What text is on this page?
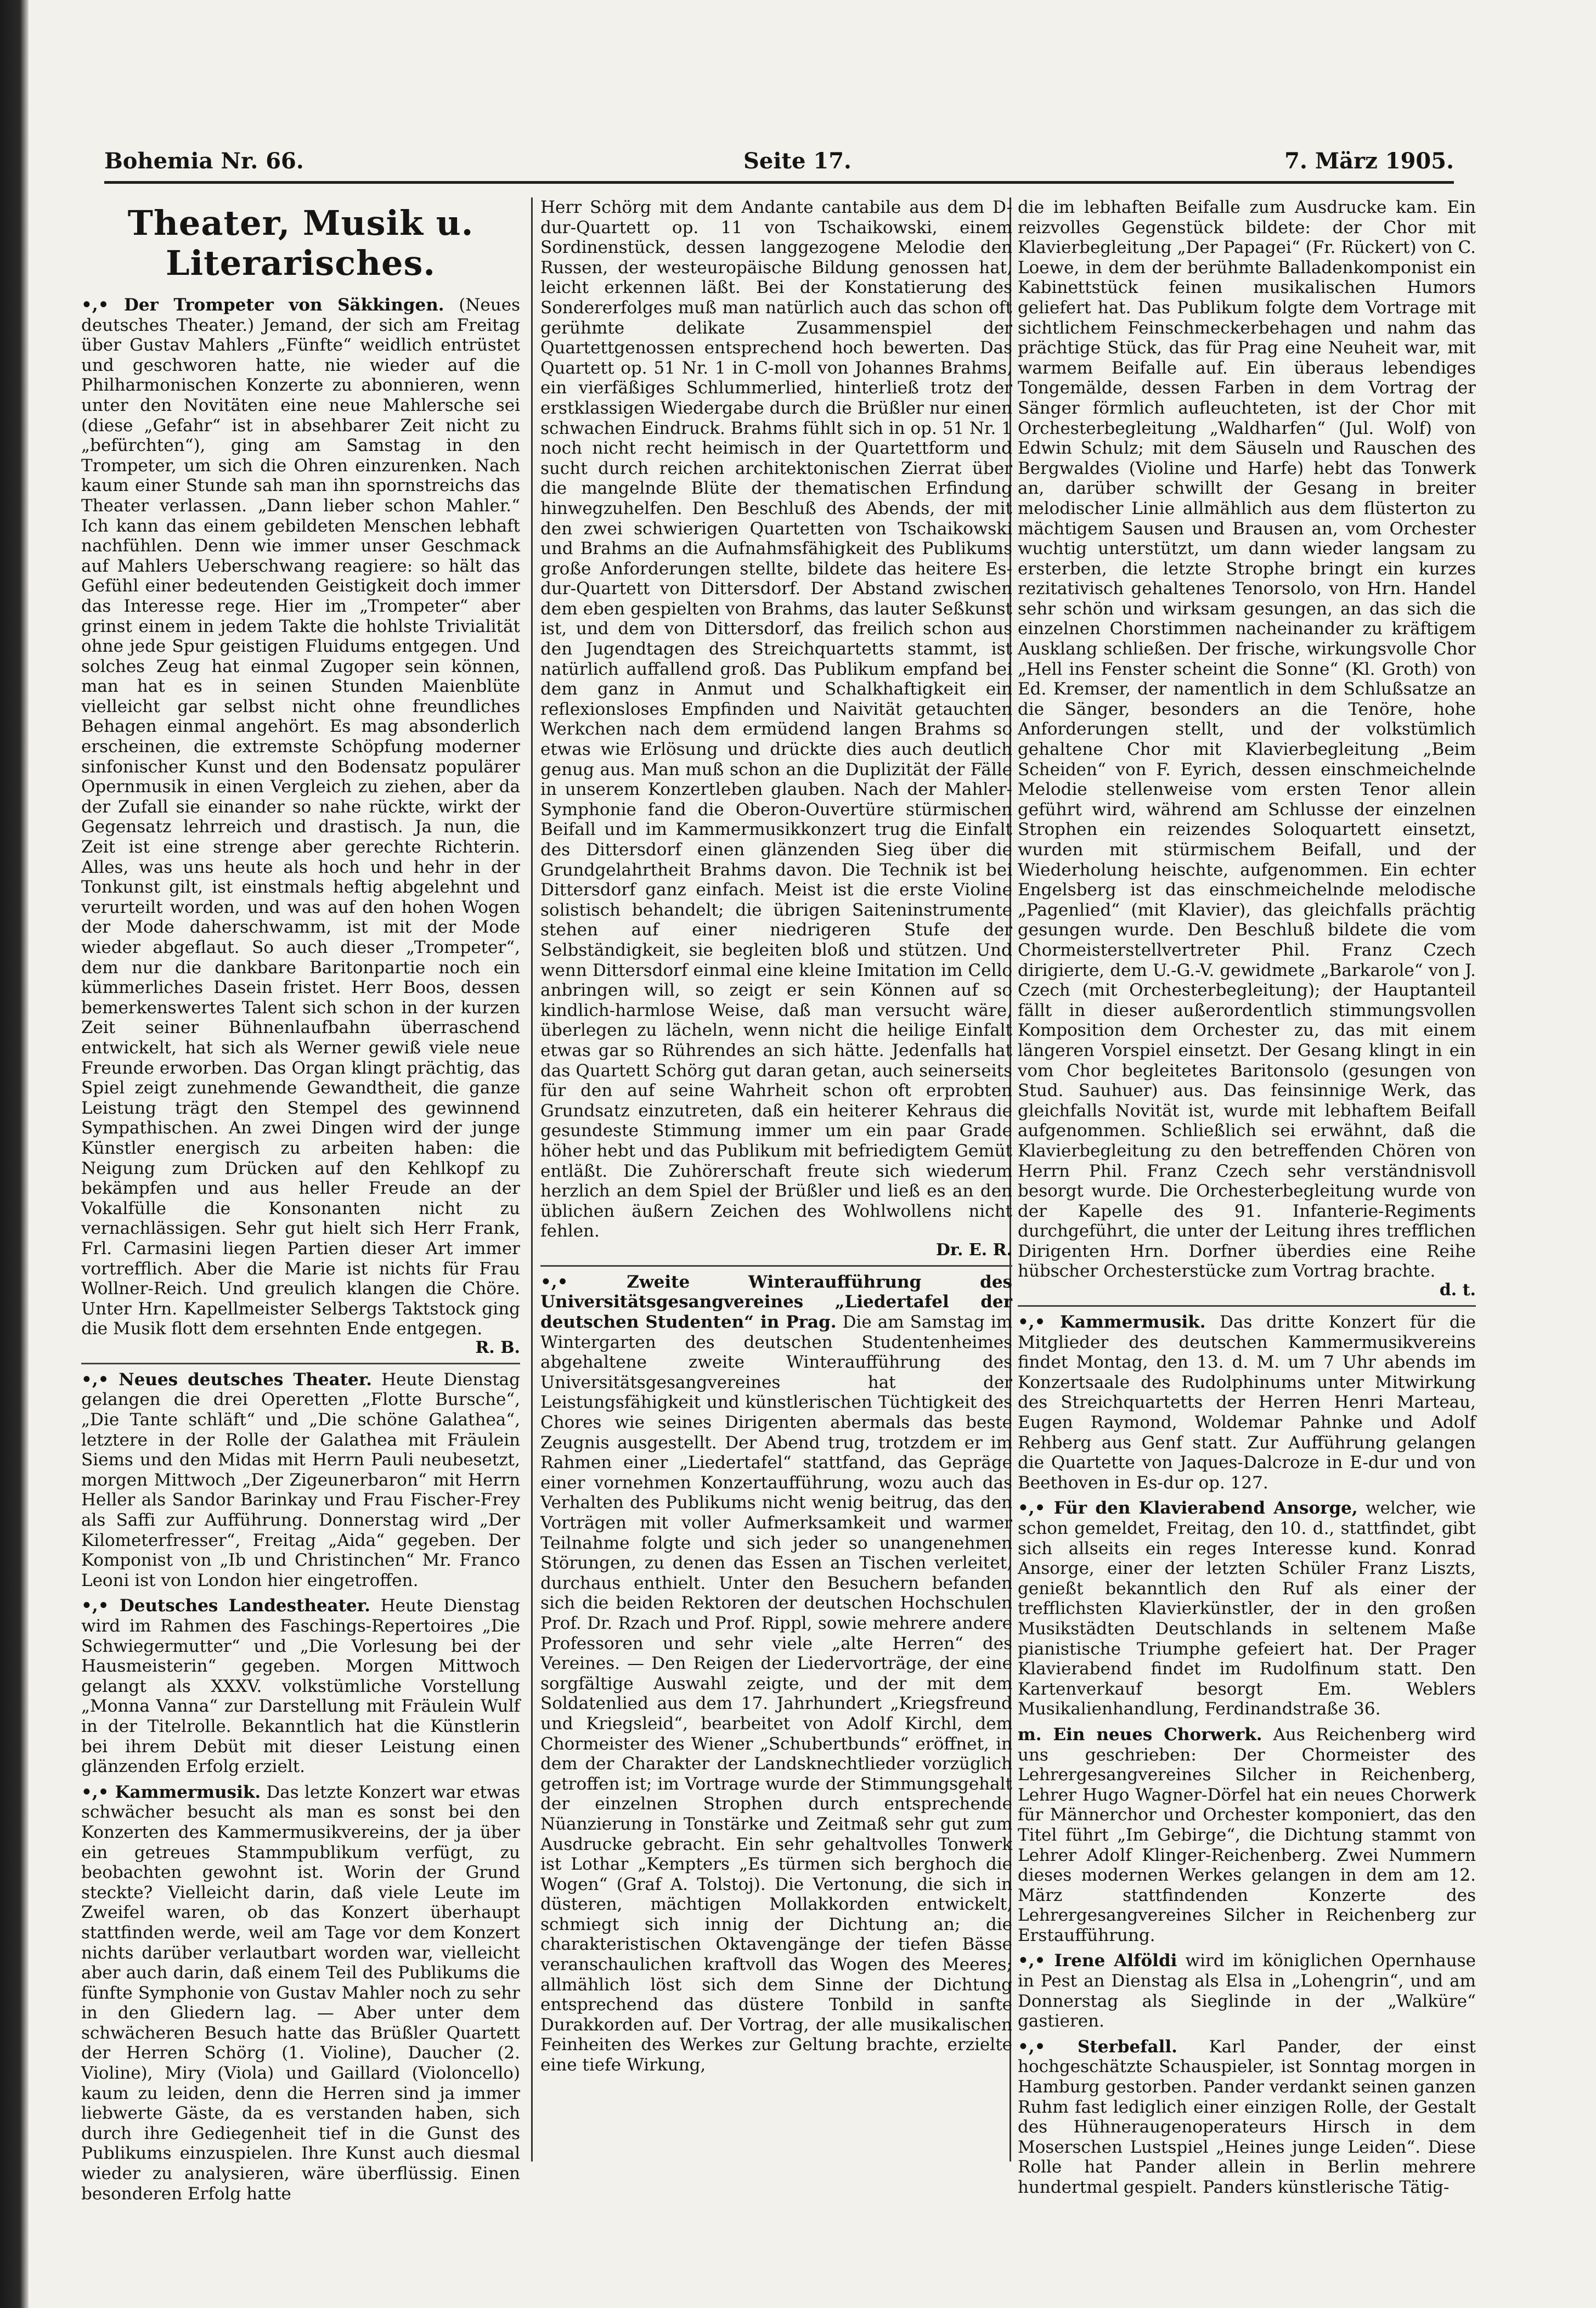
Bohemia Nr. 66.	Seite 17.	7. März 1905.
Theater, Musik u. Literarisches.
•,• Der Trompeter von Säkkingen. (Neues deutsches Theater.) Jemand, der sich am Freitag über Gustav Mahlers „Fünfte“ weidlich entrüstet und geschworen hatte, nie wieder auf die Philharmonischen Konzerte zu abonnieren, wenn unter den Novitäten eine neue Mahlersche sei (diese „Gefahr“ ist in absehbarer Zeit nicht zu „befürchten“), ging am Samstag in den Trompeter, um sich die Ohren einzurenken. Nach kaum einer Stunde sah man ihn spornstreichs das Theater verlassen. „Dann lieber schon Mahler.“ Ich kann das einem gebildeten Menschen lebhaft nachfühlen. Denn wie immer unser Geschmack auf Mahlers Ueberschwang reagiere: so hält das Gefühl einer bedeutenden Geistigkeit doch immer das Interesse rege. Hier im „Trompeter“ aber grinst einem in jedem Takte die hohlste Trivialität ohne jede Spur geistigen Fluidums entgegen. Und solches Zeug hat einmal Zugoper sein können, man hat es in seinen Stunden Maienblüte vielleicht gar selbst nicht ohne freundliches Behagen einmal angehört. Es mag absonderlich erscheinen, die extremste Schöpfung moderner sinfonischer Kunst und den Bodensatz populärer Opernmusik in einen Vergleich zu ziehen, aber da der Zufall sie einander so nahe rückte, wirkt der Gegensatz lehrreich und drastisch. Ja nun, die Zeit ist eine strenge aber gerechte Richterin. Alles, was uns heute als hoch und hehr in der Tonkunst gilt, ist einstmals heftig abgelehnt und verurteilt worden, und was auf den hohen Wogen der Mode daherschwamm, ist mit der Mode wieder abgeflaut. So auch dieser „Trompeter“, dem nur die dankbare Baritonpartie noch ein kümmerliches Dasein fristet. Herr Boos, dessen bemerkenswertes Talent sich schon in der kurzen Zeit seiner Bühnenlaufbahn überraschend entwickelt, hat sich als Werner gewiß viele neue Freunde erworben. Das Organ klingt prächtig, das Spiel zeigt zunehmende Gewandtheit, die ganze Leistung trägt den Stempel des gewinnend Sympathischen. An zwei Dingen wird der junge Künstler energisch zu arbeiten haben: die Neigung zum Drücken auf den Kehlkopf zu bekämpfen und aus heller Freude an der Vokalfülle die Konsonanten nicht zu vernachlässigen. Sehr gut hielt sich Herr Frank, Frl. Carmasini liegen Partien dieser Art immer vortrefflich. Aber die Marie ist nichts für Frau Wollner-Reich. Und greulich klangen die Chöre. Unter Hrn. Kapellmeister Selbergs Taktstock ging die Musik flott dem ersehnten Ende entgegen.
R. B.
•,• Neues deutsches Theater. Heute Dienstag gelangen die drei Operetten „Flotte Bursche“, „Die Tante schläft“ und „Die schöne Galathea“, letztere in der Rolle der Galathea mit Fräulein Siems und den Midas mit Herrn Pauli neubesetzt, morgen Mittwoch „Der Zigeunerbaron“ mit Herrn Heller als Sandor Barinkay und Frau Fischer-Frey als Saffi zur Aufführung. Donnerstag wird „Der Kilometerfresser“, Freitag „Aida“ gegeben. Der Komponist von „Ib und Christinchen“ Mr. Franco Leoni ist von London hier eingetroffen.
•,• Deutsches Landestheater. Heute Dienstag wird im Rahmen des Faschings-Repertoires „Die Schwiegermutter“ und „Die Vorlesung bei der Hausmeisterin“ gegeben. Morgen Mittwoch gelangt als XXXV. volkstümliche Vorstellung „Monna Vanna“ zur Darstellung mit Fräulein Wulf in der Titelrolle. Bekanntlich hat die Künstlerin bei ihrem Debüt mit dieser Leistung einen glänzenden Erfolg erzielt.
•,• Kammermusik. Das letzte Konzert war etwas schwächer besucht als man es sonst bei den Konzerten des Kammermusikvereins, der ja über ein getreues Stammpublikum verfügt, zu beobachten gewohnt ist. Worin der Grund steckte? Vielleicht darin, daß viele Leute im Zweifel waren, ob das Konzert überhaupt stattfinden werde, weil am Tage vor dem Konzert nichts darüber verlautbart worden war, vielleicht aber auch darin, daß einem Teil des Publikums die fünfte Symphonie von Gustav Mahler noch zu sehr in den Gliedern lag. — Aber unter dem schwächeren Besuch hatte das Brüßler Quartett der Herren Schörg (1. Violine), Daucher (2. Violine), Miry (Viola) und Gaillard (Violoncello) kaum zu leiden, denn die Herren sind ja immer liebwerte Gäste, da es verstanden haben, sich durch ihre Gediegenheit tief in die Gunst des Publikums einzuspielen. Ihre Kunst auch diesmal wieder zu analysieren, wäre überflüssig. Einen besonderen Erfolg hatte
Herr Schörg mit dem Andante cantabile aus dem D-dur-Quartett op. 11 von Tschaikowski, einem Sordinenstück, dessen langgezogene Melodie den Russen, der westeuropäische Bildung genossen hat, leicht erkennen läßt. Bei der Konstatierung des Sondererfolges muß man natürlich auch das schon oft gerühmte delikate Zusammenspiel der Quartettgenossen entsprechend hoch bewerten. Das Quartett op. 51 Nr. 1 in C-moll von Johannes Brahms, ein vierfäßiges Schlummerlied, hinterließ trotz der erstklassigen Wiedergabe durch die Brüßler nur einen schwachen Eindruck. Brahms fühlt sich in op. 51 Nr. 1 noch nicht recht heimisch in der Quartettform und sucht durch reichen architektonischen Zierrat über die mangelnde Blüte der thematischen Erfindung hinwegzuhelfen. Den Beschluß des Abends, der mit den zwei schwierigen Quartetten von Tschaikowski und Brahms an die Aufnahmsfähigkeit des Publikums große Anforderungen stellte, bildete das heitere Es-dur-Quartett von Dittersdorf. Der Abstand zwischen dem eben gespielten von Brahms, das lauter Seßkunst ist, und dem von Dittersdorf, das freilich schon aus den Jugendtagen des Streichquartetts stammt, ist natürlich auffallend groß. Das Publikum empfand bei dem ganz in Anmut und Schalkhaftigkeit ein reflexionsloses Empfinden und Naivität getauchten Werkchen nach dem ermüdend langen Brahms so etwas wie Erlösung und drückte dies auch deutlich genug aus. Man muß schon an die Duplizität der Fälle in unserem Konzertleben glauben. Nach der Mahler-Symphonie fand die Oberon-Ouvertüre stürmischen Beifall und im Kammermusikkonzert trug die Einfalt des Dittersdorf einen glänzenden Sieg über die Grundgelahrtheit Brahms davon. Die Technik ist bei Dittersdorf ganz einfach. Meist ist die erste Violine solistisch behandelt; die übrigen Saiteninstrumente stehen auf einer niedrigeren Stufe der Selbständigkeit, sie begleiten bloß und stützen. Und wenn Dittersdorf einmal eine kleine Imitation im Cello anbringen will, so zeigt er sein Können auf so kindlich-harmlose Weise, daß man versucht wäre, überlegen zu lächeln, wenn nicht die heilige Einfalt etwas gar so Rührendes an sich hätte. Jedenfalls hat das Quartett Schörg gut daran getan, auch seinerseits für den auf seine Wahrheit schon oft erprobten Grundsatz einzutreten, daß ein heiterer Kehraus die gesundeste Stimmung immer um ein paar Grade höher hebt und das Publikum mit befriedigtem Gemüt entläßt. Die Zuhörerschaft freute sich wiederum herzlich an dem Spiel der Brüßler und ließ es an den üblichen äußern Zeichen des Wohlwollens nicht fehlen.
Dr. E. R.
•,• Zweite Winteraufführung des Universitätsgesangvereines „Liedertafel der deutschen Studenten“ in Prag. Die am Samstag im Wintergarten des deutschen Studentenheimes abgehaltene zweite Winteraufführung des Universitätsgesangvereines hat der Leistungsfähigkeit und künstlerischen Tüchtigkeit des Chores wie seines Dirigenten abermals das beste Zeugnis ausgestellt. Der Abend trug, trotzdem er im Rahmen einer „Liedertafel“ stattfand, das Gepräge einer vornehmen Konzertaufführung, wozu auch das Verhalten des Publikums nicht wenig beitrug, das den Vorträgen mit voller Aufmerksamkeit und warmer Teilnahme folgte und sich jeder so unangenehmen Störungen, zu denen das Essen an Tischen verleitet, durchaus enthielt. Unter den Besuchern befanden sich die beiden Rektoren der deutschen Hochschulen Prof. Dr. Rzach und Prof. Rippl, sowie mehrere andere Professoren und sehr viele „alte Herren“ des Vereines. — Den Reigen der Liedervorträge, der eine sorgfältige Auswahl zeigte, und der mit dem Soldatenlied aus dem 17. Jahrhundert „Kriegsfreund und Kriegsleid“, bearbeitet von Adolf Kirchl, dem Chormeister des Wiener „Schubertbunds“ eröffnet, in dem der Charakter der Landsknechtlieder vorzüglich getroffen ist; im Vortrage wurde der Stimmungsgehalt der einzelnen Strophen durch entsprechende Nüanzierung in Tonstärke und Zeitmaß sehr gut zum Ausdrucke gebracht. Ein sehr gehaltvolles Tonwerk ist Lothar „Kempters „Es türmen sich berghoch die Wogen“ (Graf A. Tolstoj). Die Vertonung, die sich in düsteren, mächtigen Mollakkorden entwickelt, schmiegt sich innig der Dichtung an; die charakteristischen Oktavengänge der tiefen Bässe veranschaulichen kraftvoll das Wogen des Meeres; allmählich löst sich dem Sinne der Dichtung entsprechend das düstere Tonbild in sanfte Durakkorden auf. Der Vortrag, der alle musikalischen Feinheiten des Werkes zur Geltung brachte, erzielte eine tiefe Wirkung,
die im lebhaften Beifalle zum Ausdrucke kam. Ein reizvolles Gegenstück bildete: der Chor mit Klavierbegleitung „Der Papagei“ (Fr. Rückert) von C. Loewe, in dem der berühmte Balladenkomponist ein Kabinettstück feinen musikalischen Humors geliefert hat. Das Publikum folgte dem Vortrage mit sichtlichem Feinschmeckerbehagen und nahm das prächtige Stück, das für Prag eine Neuheit war, mit warmem Beifalle auf. Ein überaus lebendiges Tongemälde, dessen Farben in dem Vortrag der Sänger förmlich aufleuchteten, ist der Chor mit Orchesterbegleitung „Waldharfen“ (Jul. Wolf) von Edwin Schulz; mit dem Säuseln und Rauschen des Bergwaldes (Violine und Harfe) hebt das Tonwerk an, darüber schwillt der Gesang in breiter melodischer Linie allmählich aus dem flüsterton zu mächtigem Sausen und Brausen an, vom Orchester wuchtig unterstützt, um dann wieder langsam zu ersterben, die letzte Strophe bringt ein kurzes rezitativisch gehaltenes Tenorsolo, von Hrn. Handel sehr schön und wirksam gesungen, an das sich die einzelnen Chorstimmen nacheinander zu kräftigem Ausklang schließen. Der frische, wirkungsvolle Chor „Hell ins Fenster scheint die Sonne“ (Kl. Groth) von Ed. Kremser, der namentlich in dem Schlußsatze an die Sänger, besonders an die Tenöre, hohe Anforderungen stellt, und der volkstümlich gehaltene Chor mit Klavierbegleitung „Beim Scheiden“ von F. Eyrich, dessen einschmeichelnde Melodie stellenweise vom ersten Tenor allein geführt wird, während am Schlusse der einzelnen Strophen ein reizendes Soloquartett einsetzt, wurden mit stürmischem Beifall, und der Wiederholung heischte, aufgenommen. Ein echter Engelsberg ist das einschmeichelnde melodische „Pagenlied“ (mit Klavier), das gleichfalls prächtig gesungen wurde. Den Beschluß bildete die vom Chormeisterstellvertreter Phil. Franz Czech dirigierte, dem U.-G.-V. gewidmete „Barkarole“ von J. Czech (mit Orchesterbegleitung); der Hauptanteil fällt in dieser außerordentlich stimmungsvollen Komposition dem Orchester zu, das mit einem längeren Vorspiel einsetzt. Der Gesang klingt in ein vom Chor begleitetes Baritonsolo (gesungen von Stud. Sauhuer) aus. Das feinsinnige Werk, das gleichfalls Novität ist, wurde mit lebhaftem Beifall aufgenommen. Schließlich sei erwähnt, daß die Klavierbegleitung zu den betreffenden Chören von Herrn Phil. Franz Czech sehr verständnisvoll besorgt wurde. Die Orchesterbegleitung wurde von der Kapelle des 91. Infanterie-Regiments durchgeführt, die unter der Leitung ihres trefflichen Dirigenten Hrn. Dorfner überdies eine Reihe hübscher Orchesterstücke zum Vortrag brachte.
d. t.
•,• Kammermusik. Das dritte Konzert für die Mitglieder des deutschen Kammermusikvereins findet Montag, den 13. d. M. um 7 Uhr abends im Konzertsaale des Rudolphinums unter Mitwirkung des Streichquartetts der Herren Henri Marteau, Eugen Raymond, Woldemar Pahnke und Adolf Rehberg aus Genf statt. Zur Aufführung gelangen die Quartette von Jaques-Dalcroze in E-dur und von Beethoven in Es-dur op. 127.
•,• Für den Klavierabend Ansorge, welcher, wie schon gemeldet, Freitag, den 10. d., stattfindet, gibt sich allseits ein reges Interesse kund. Konrad Ansorge, einer der letzten Schüler Franz Liszts, genießt bekanntlich den Ruf als einer der trefflichsten Klavierkünstler, der in den großen Musikstädten Deutschlands in seltenem Maße pianistische Triumphe gefeiert hat. Der Prager Klavierabend findet im Rudolfinum statt. Den Kartenverkauf besorgt Em. Weblers Musikalienhandlung, Ferdinandstraße 36.
m. Ein neues Chorwerk. Aus Reichenberg wird uns geschrieben: Der Chormeister des Lehrergesangvereines Silcher in Reichenberg, Lehrer Hugo Wagner-Dörfel hat ein neues Chorwerk für Männerchor und Orchester komponiert, das den Titel führt „Im Gebirge“, die Dichtung stammt von Lehrer Adolf Klinger-Reichenberg. Zwei Nummern dieses modernen Werkes gelangen in dem am 12. März stattfindenden Konzerte des Lehrergesangvereines Silcher in Reichenberg zur Erstaufführung.
•,• Irene Alföldi wird im königlichen Opernhause in Pest an Dienstag als Elsa in „Lohengrin“, und am Donnerstag als Sieglinde in der „Walküre“ gastieren.
•,• Sterbefall. Karl Pander, der einst hochgeschätzte Schauspieler, ist Sonntag morgen in Hamburg gestorben. Pander verdankt seinen ganzen Ruhm fast lediglich einer einzigen Rolle, der Gestalt des Hühneraugenoperateurs Hirsch in dem Moserschen Lustspiel „Heines junge Leiden“. Diese Rolle hat Pander allein in Berlin mehrere hundertmal gespielt. Panders künstlerische Tätig-
